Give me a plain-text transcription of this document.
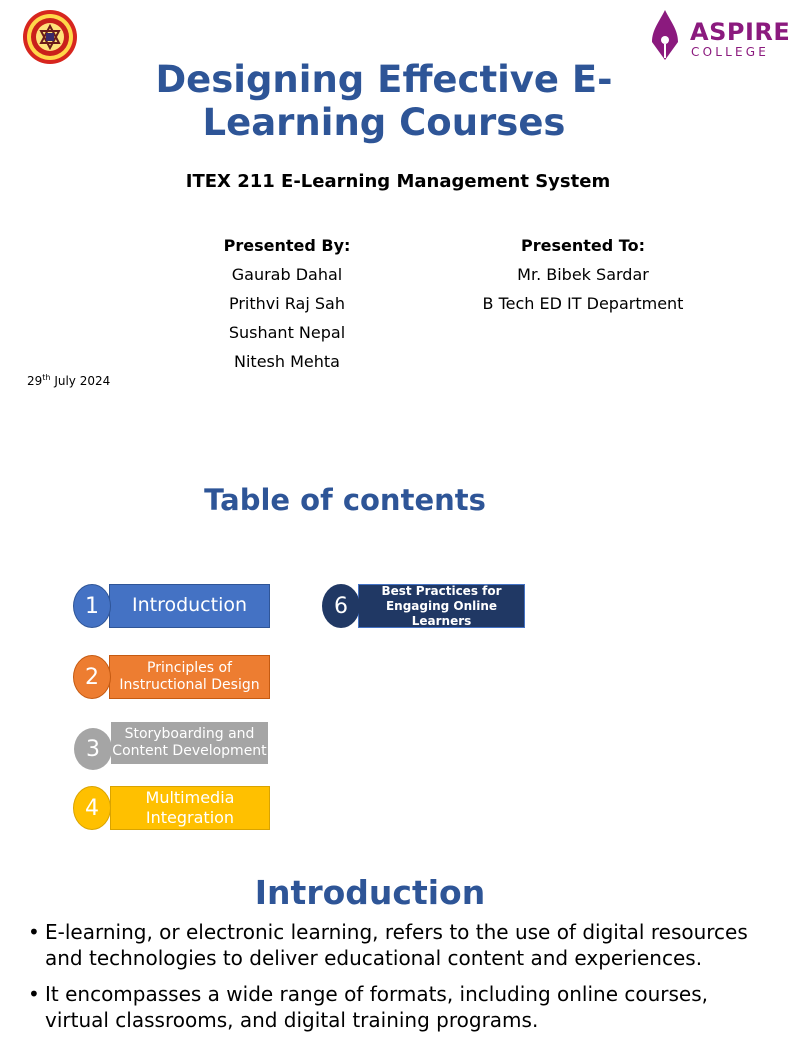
ASPIRE
COLLEGE
Designing Effective E-
Learning Courses
ITEX 211 E-Learning Management System
Presented By:
Gaurab Dahal
Prithvi Raj Sah
Sushant Nepal
Nitesh Mehta
Presented To:
Mr. Bibek Sardar
B Tech ED IT Department
29th July 2024
Table of contents
Introduction
1
Principles of
Instructional Design
2
Storyboarding and
Content Development
3
Multimedia
Integration
4
Best Practices for
Engaging Online Learners
6
Introduction
• E-learning, or electronic learning, refers to the use of digital resources and technologies to deliver educational content and experiences.
• It encompasses a wide range of formats, including online courses, virtual classrooms, and digital training programs.
